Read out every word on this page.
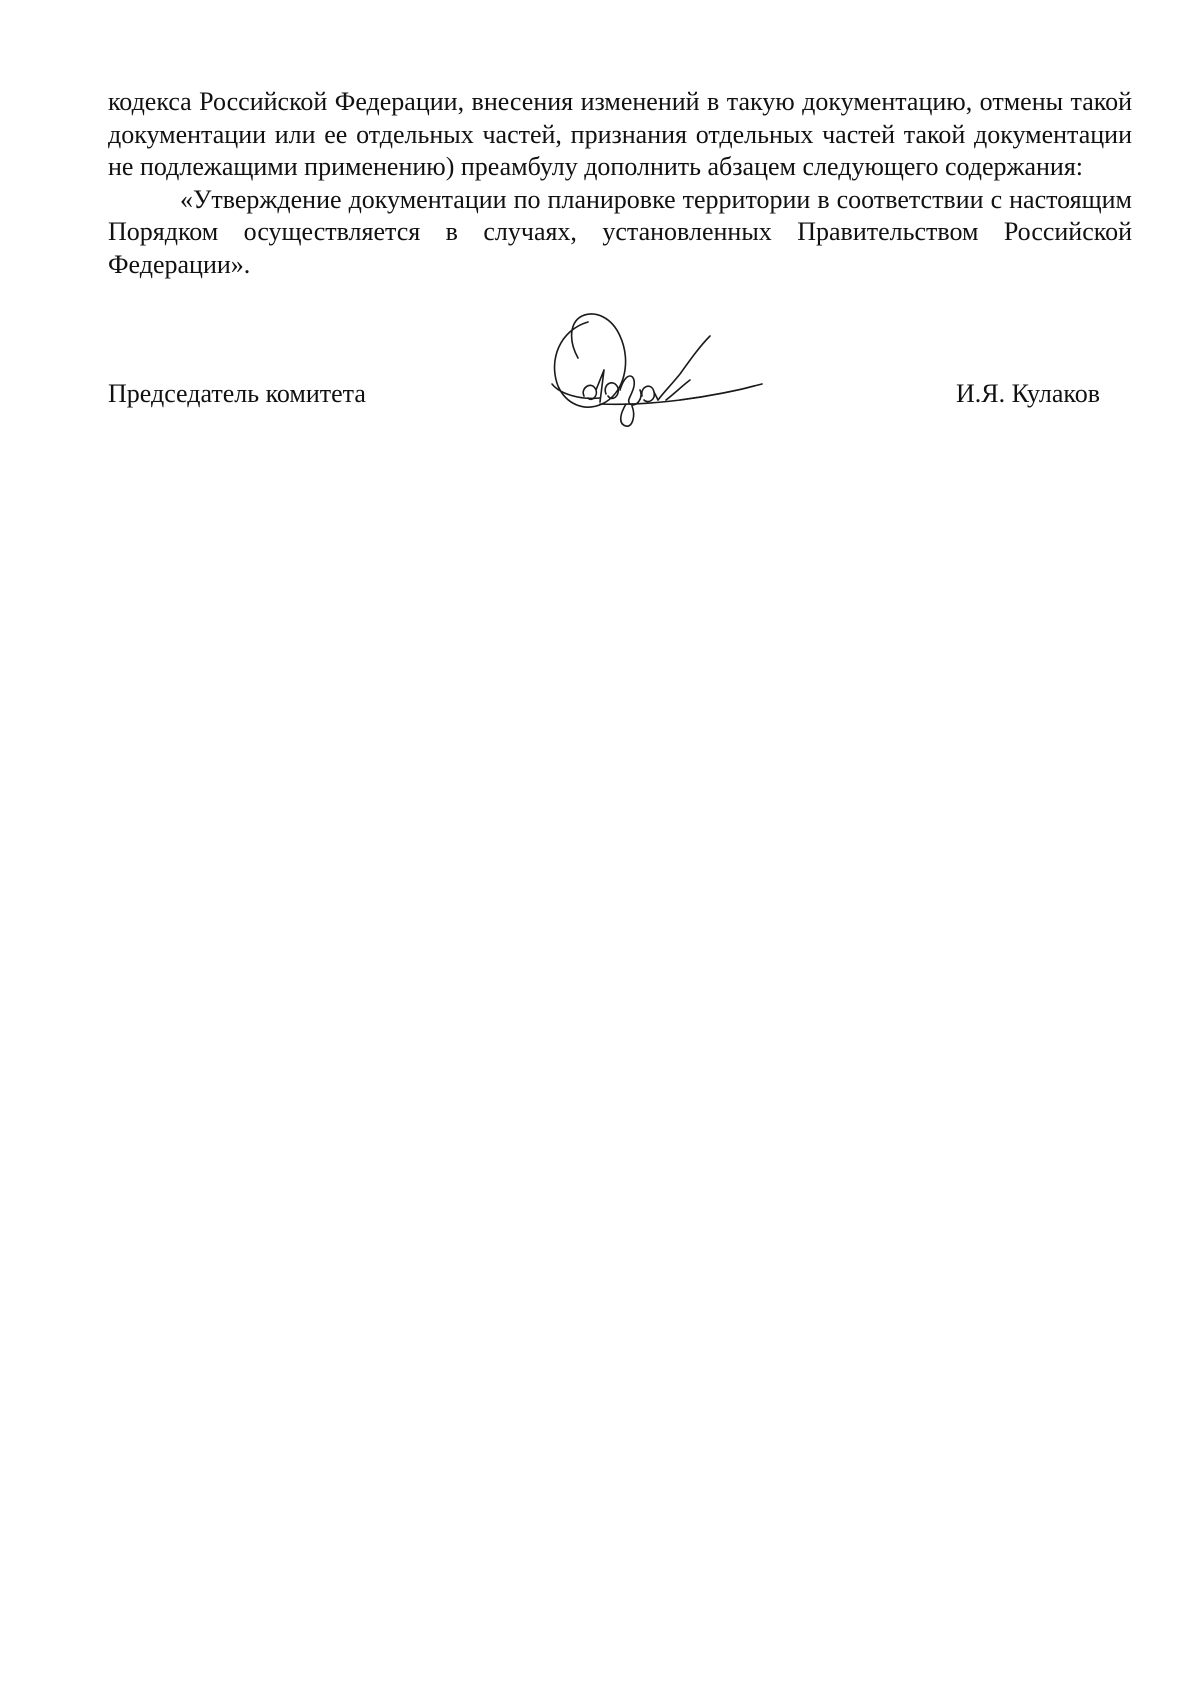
кодекса Российской Федерации, внесения изменений в такую документацию, отмены такой документации или ее отдельных частей, признания отдельных частей такой документации не подлежащими применению) преамбулу дополнить абзацем следующего содержания:

«Утверждение документации по планировке территории в соответствии с настоящим Порядком осуществляется в случаях, установленных Правительством Российской Федерации».

Председатель комитета	И.Я. Кулаков
